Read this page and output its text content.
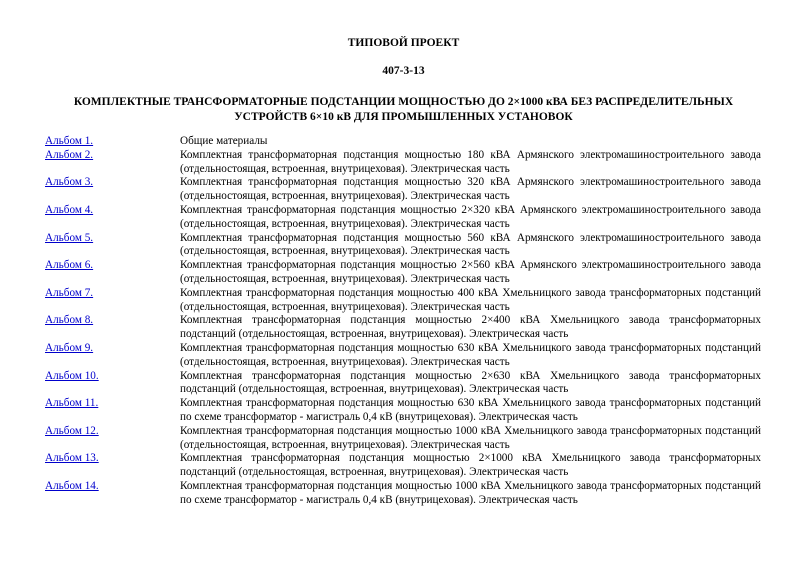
ТИПОВОЙ ПРОЕКТ
407-3-13
КОМПЛЕКТНЫЕ ТРАНСФОРМАТОРНЫЕ ПОДСТАНЦИИ МОЩНОСТЬЮ ДО 2×1000 кВА БЕЗ РАСПРЕДЕЛИТЕЛЬНЫХ УСТРОЙСТВ 6×10 кВ ДЛЯ ПРОМЫШЛЕННЫХ УСТАНОВОК
Альбом 1.	Общие материалы
Альбом 2.	Комплектная трансформаторная подстанция мощностью 180 кВА Армянского электромашиностроительного завода (отдельностоящая, встроенная, внутрицеховая). Электрическая часть
Альбом 3.	Комплектная трансформаторная подстанция мощностью 320 кВА Армянского электромашиностроительного завода (отдельностоящая, встроенная, внутрицеховая). Электрическая часть
Альбом 4.	Комплектная трансформаторная подстанция мощностью 2×320 кВА Армянского электромашиностроительного завода (отдельностоящая, встроенная, внутрицеховая). Электрическая часть
Альбом 5.	Комплектная трансформаторная подстанция мощностью 560 кВА Армянского электромашиностроительного завода (отдельностоящая, встроенная, внутрицеховая). Электрическая часть
Альбом 6.	Комплектная трансформаторная подстанция мощностью 2×560 кВА Армянского электромашиностроительного завода (отдельностоящая, встроенная, внутрицеховая). Электрическая часть
Альбом 7.	Комплектная трансформаторная подстанция мощностью 400 кВА Хмельницкого завода трансформаторных подстанций (отдельностоящая, встроенная, внутрицеховая). Электрическая часть
Альбом 8.	Комплектная трансформаторная подстанция мощностью 2×400 кВА Хмельницкого завода трансформаторных подстанций (отдельностоящая, встроенная, внутрицеховая). Электрическая часть
Альбом 9.	Комплектная трансформаторная подстанция мощностью 630 кВА Хмельницкого завода трансформаторных подстанций (отдельностоящая, встроенная, внутрицеховая). Электрическая часть
Альбом 10.	Комплектная трансформаторная подстанция мощностью 2×630 кВА Хмельницкого завода трансформаторных подстанций (отдельностоящая, встроенная, внутрицеховая). Электрическая часть
Альбом 11.	Комплектная трансформаторная подстанция мощностью 630 кВА Хмельницкого завода трансформаторных подстанций по схеме трансформатор - магистраль 0,4 кВ (внутрицеховая). Электрическая часть
Альбом 12.	Комплектная трансформаторная подстанция мощностью 1000 кВА Хмельницкого завода трансформаторных подстанций (отдельностоящая, встроенная, внутрицеховая). Электрическая часть
Альбом 13.	Комплектная трансформаторная подстанция мощностью 2×1000 кВА Хмельницкого завода трансформаторных подстанций (отдельностоящая, встроенная, внутрицеховая). Электрическая часть
Альбом 14.	Комплектная трансформаторная подстанция мощностью 1000 кВА Хмельницкого завода трансформаторных подстанций по схеме трансформатор - магистраль 0,4 кВ (внутрицеховая). Электрическая часть
